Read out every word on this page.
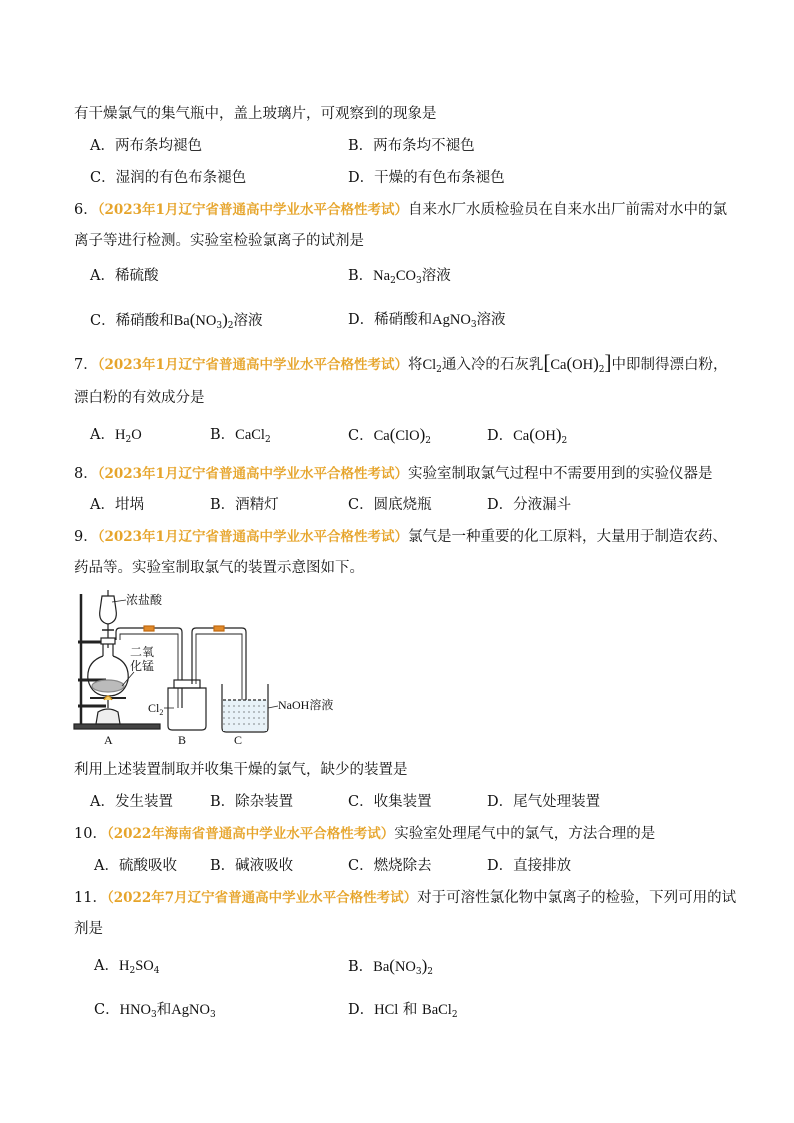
有干燥氯气的集气瓶中，盖上玻璃片，可观察到的现象是
A．两布条均褪色	B．两布条均不褪色
C．湿润的有色布条褪色	D．干燥的有色布条褪色
6．（2023年1月辽宁省普通高中学业水平合格性考试）自来水厂水质检验员在自来水出厂前需对水中的氯
离子等进行检测。实验室检验氯离子的试剂是
A．稀硫酸	B．$Na_2CO_3$溶液
C．稀硝酸和$Ba(NO_3)_2$溶液	D．稀硝酸和AgNO$_3$溶液
7．（2023年1月辽宁省普通高中学业水平合格性考试）将$Cl_2$通入冷的石灰乳$[Ca(OH)_2]$中即制得漂白粉，
漂白粉的有效成分是
A．$H_2O$	B．CaCl$_2$	C．$Ca(ClO)_2$	D．$Ca(OH)_2$
8．（2023年1月辽宁省普通高中学业水平合格性考试）实验室制取氯气过程中不需要用到的实验仪器是
A．坩埚	B．酒精灯	C．圆底烧瓶	D．分液漏斗
9．（2023年1月辽宁省普通高中学业水平合格性考试）氯气是一种重要的化工原料，大量用于制造农药、
药品等。实验室制取氯气的装置示意图如下。
浓盐酸
二氧
化锰
$Cl_2$
NaOH溶液
A	B	C
利用上述装置制取并收集干燥的氯气，缺少的装置是
A．发生装置	B．除杂装置	C．收集装置	D．尾气处理装置
10．（2022年海南省普通高中学业水平合格性考试）实验室处理尾气中的氯气，方法合理的是
A．硫酸吸收 B．碱液吸收	C．燃烧除去	D．直接排放
11．（2022年7月辽宁省普通高中学业水平合格性考试）对于可溶性氯化物中氯离子的检验，下列可用的试
剂是
A．$H_2SO_4$	B．$Ba(NO_3)_2$
C．$HNO_3$和AgNO$_3$	D．HCl 和 BaCl$_2$
